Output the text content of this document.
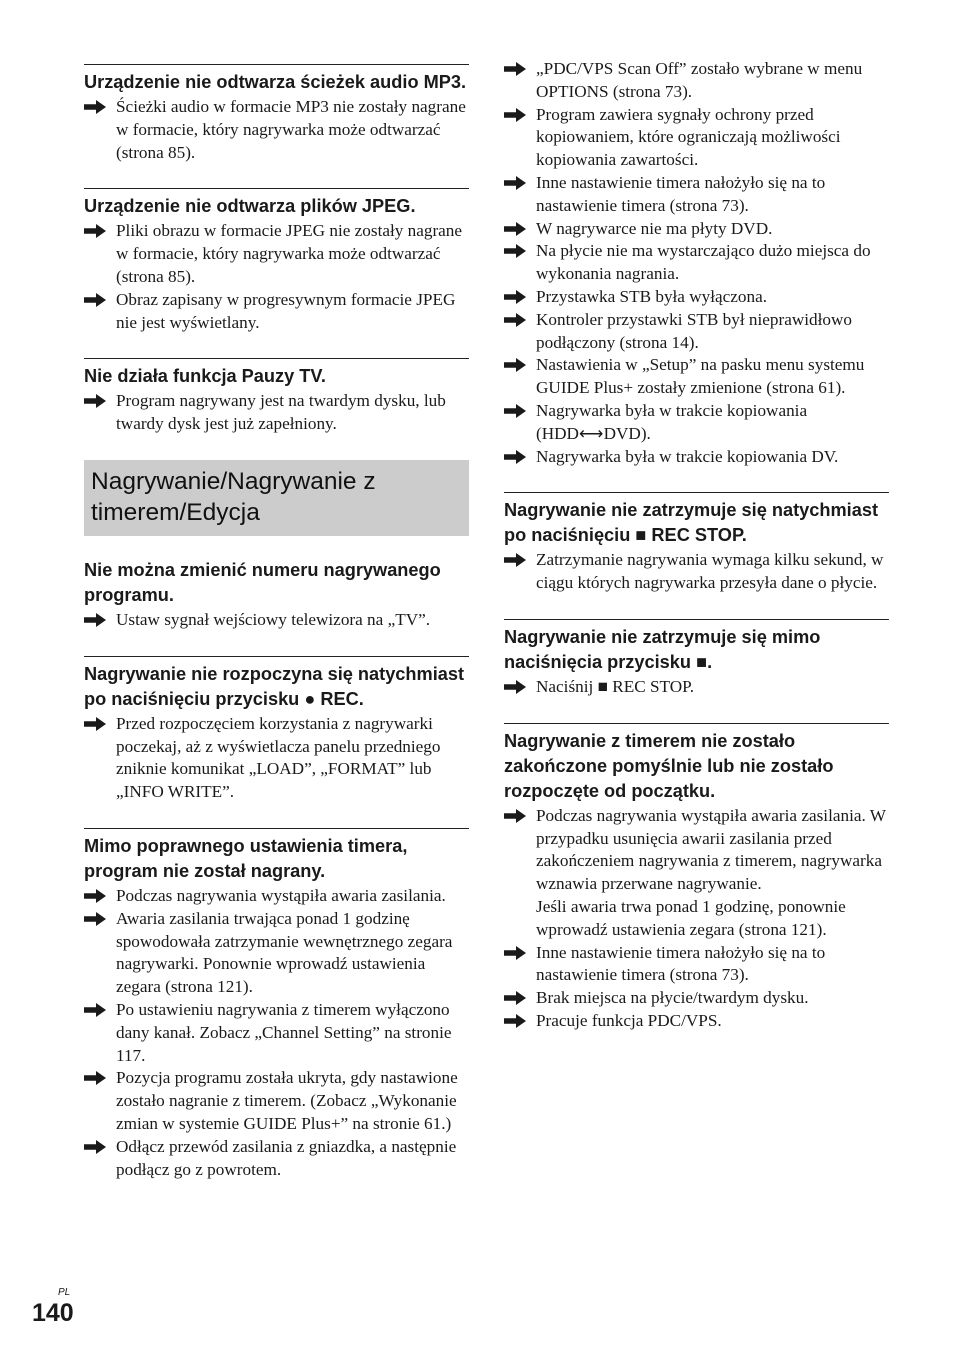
Urządzenie nie odtwarza ścieżek audio MP3.
Ścieżki audio w formacie MP3 nie zostały nagrane w formacie, który nagrywarka może odtwarzać (strona 85).
Urządzenie nie odtwarza plików JPEG.
Pliki obrazu w formacie JPEG nie zostały nagrane w formacie, który nagrywarka może odtwarzać (strona 85).
Obraz zapisany w progresywnym formacie JPEG nie jest wyświetlany.
Nie działa funkcja Pauzy TV.
Program nagrywany jest na twardym dysku, lub twardy dysk jest już zapełniony.
Nagrywanie/Nagrywanie z
timerem/Edycja
Nie można zmienić numeru nagrywanego programu.
Ustaw sygnał wejściowy telewizora na „TV”.
Nagrywanie nie rozpoczyna się natychmiast po naciśnięciu przycisku ● REC.
Przed rozpoczęciem korzystania z nagrywarki poczekaj, aż z wyświetlacza panelu przedniego zniknie komunikat „LOAD”, „FORMAT” lub „INFO WRITE”.
Mimo poprawnego ustawienia timera, program nie został nagrany.
Podczas nagrywania wystąpiła awaria zasilania.
Awaria zasilania trwająca ponad 1 godzinę spowodowała zatrzymanie wewnętrznego zegara nagrywarki. Ponownie wprowadź ustawienia zegara (strona 121).
Po ustawieniu nagrywania z timerem wyłączono dany kanał. Zobacz „Channel Setting” na stronie 117.
Pozycja programu została ukryta, gdy nastawione zostało nagranie z timerem. (Zobacz „Wykonanie zmian w systemie GUIDE Plus+” na stronie 61.)
Odłącz przewód zasilania z gniazdka, a następnie podłącz go z powrotem.
„PDC/VPS Scan Off” zostało wybrane w menu OPTIONS (strona 73).
Program zawiera sygnały ochrony przed kopiowaniem, które ograniczają możliwości kopiowania zawartości.
Inne nastawienie timera nałożyło się na to nastawienie timera (strona 73).
W nagrywarce nie ma płyty DVD.
Na płycie nie ma wystarczająco dużo miejsca do wykonania nagrania.
Przystawka STB była wyłączona.
Kontroler przystawki STB był nieprawidłowo podłączony (strona 14).
Nastawienia w „Setup” na pasku menu systemu GUIDE Plus+ zostały zmienione (strona 61).
Nagrywarka była w trakcie kopiowania (HDD⟷DVD).
Nagrywarka była w trakcie kopiowania DV.
Nagrywanie nie zatrzymuje się natychmiast po naciśnięciu ■ REC STOP.
Zatrzymanie nagrywania wymaga kilku sekund, w ciągu których nagrywarka przesyła dane o płycie.
Nagrywanie nie zatrzymuje się mimo naciśnięcia przycisku ■.
Naciśnij ■ REC STOP.
Nagrywanie z timerem nie zostało zakończone pomyślnie lub nie zostało rozpoczęte od początku.
Podczas nagrywania wystąpiła awaria zasilania. W przypadku usunięcia awarii zasilania przed zakończeniem nagrywania z timerem, nagrywarka wznawia przerwane nagrywanie.
Jeśli awaria trwa ponad 1 godzinę, ponownie wprowadź ustawienia zegara (strona 121).
Inne nastawienie timera nałożyło się na to nastawienie timera (strona 73).
Brak miejsca na płycie/twardym dysku.
Pracuje funkcja PDC/VPS.
PL
140
